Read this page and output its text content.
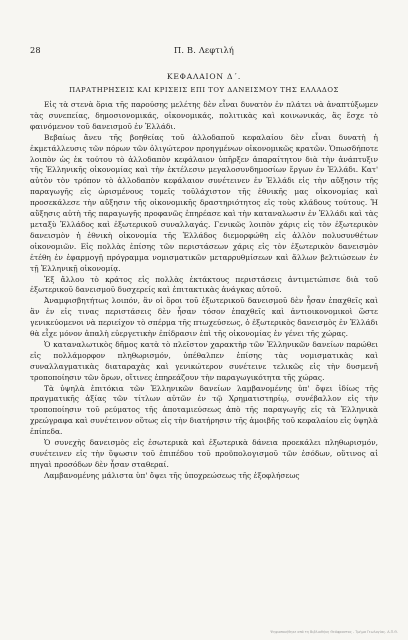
28	Π. Β. Λεφτιλή
ΚΕΦΑΛΑΙΟΝ Δ΄.
ΠΑΡΑΤΗΡΗΣΕΙΣ ΚΑΙ ΚΡΙΣΕΙΣ ΕΠΙ ΤΟΥ ΔΑΝΕΙΣΜΟΥ ΤΗΣ ΕΛΛΑΔΟΣ

Εἰς τὰ στενὰ ὅρια τῆς παρούσης μελέτης δὲν εἶναι δυνατὸν ἐν πλάτει νὰ ἀναπτύξωμεν τὰς συνεπείας, δημοσιονομικάς, οἰκονομικάς, πολιτικὰς καὶ κοινωνικάς, ἃς ἔσχε τὸ φαινόμενον τοῦ δανεισμοῦ ἐν Ἑλλάδι.

Βεβαίως ἄνευ τῆς βοηθείας τοῦ ἀλλοδαποῦ κεφαλαίου δὲν εἶναι δυνατὴ ἡ ἐκμετάλλευσις τῶν πόρων τῶν ὀλιγώτερον προηγμένων οἰκονομικῶς κρατῶν. Ὁπωσδήποτε λοιπὸν ὡς ἐκ τούτου τὸ ἀλλοδαπὸν κεφάλαιον ὑπῆρξεν ἀπαραίτητον διὰ τὴν ἀνάπτυξιν τῆς Ἑλληνικῆς οἰκονομίας καὶ τὴν ἐκτέλεσιν μεγαλοσυνδημοσίων ἔργων ἐν Ἑλλάδι. Κατ' αὐτὸν τὸν τρόπον τὸ ἀλλοδαπὸν κεφάλαιον συνέτεινεν ἐν Ἑλλάδι εἰς τὴν αὔξησιν τῆς παραγωγῆς εἰς ὡρισμένους τομεῖς τοῦλάχιστον τῆς ἐθνικῆς μας οἰκονομίας καὶ προσεκάλεσε τὴν αὔξησιν τῆς οἰκονομικῆς δραστηριότητος εἰς τοὺς κλάδους τούτους. Ἡ αὔξησις αὐτὴ τῆς παραγωγῆς προφανῶς ἐπηρέασε καὶ τὴν καταναλωσιν ἐν Ἑλλάδι καὶ τὰς μεταξὺ Ἑλλάδος καὶ ἐξωτερικοῦ συναλλαγάς. Γενικῶς λοιπὸν χάρις εἰς τὸν ἐξωτερικὸν δανεισμὸν ἡ ἐθνικὴ οἰκονομία τῆς Ἑλλάδος διεμορφώθη εἰς ἀλλὸν πολυσυνθέτων οἰκονομιῶν. Εἰς πολλὰς ἐπίσης τῶν περιστάσεων χάρις εἰς τὸν ἐξωτερικὸν δανεισμὸν ἐτέθη ἐν ἐφαρμογῇ πρόγραμμα νομισματικῶν μεταρρυθμίσεων καὶ ἄλλων βελτιώσεων ἐν τῇ Ἑλληνικῇ οἰκονομίᾳ.

Ἐξ ἄλλου τὸ κράτος εἰς πολλὰς ἐκτάκτους περιστάσεις ἀντιμετώπισε διὰ τοῦ ἐξωτερικοῦ δανεισμοῦ δυσχερείς καὶ ἐπιτακτικὰς ἀνάγκας αὐτοῦ.

Ἀναμφισβητήτως λοιπόν, ἂν οἱ ὅροι τοῦ ἐξωτερικοῦ δανεισμοῦ δὲν ἦσαν ἐπαχθεῖς καὶ ἂν ἐν εἰς τινας περιστάσεις δὲν ἦσαν τόσον ἐπαχθεῖς καὶ ἀντιοικονομικοὶ ὥστε γενικεύομενοι νὰ περιείχον τὸ σπέρμα τῆς πτωχεύσεως, ὁ ἐξωτερικὸς δανεισμὸς ἐν Ἑλλάδι θὰ εἶχε μόνον ἀπαλὴ εὐεργετικὴν ἐπίδρασιν ἐπὶ τῆς οἰκονομίας ἐν γένει τῆς χώρας.

Ὁ καταναλωτικὸς δῆμος κατὰ τὸ πλεῖστον χαρακτὴρ τῶν Ἑλληνικῶν δανείων παρώθει εἰς πολλάμορφον πληθωρισμόν, ὑπέθαλπεν ἐπίσης τὰς νομισματικὰς καὶ συναλλαγματικὰς διαταραχὰς καὶ γενικώτερον συνέτεινε τελικῶς εἰς τὴν δυσμενῆ τροποποίησιν τῶν ὅρων, οἵτινες ἐπηρεάζουν τὴν παραγωγικότητα τῆς χώρας.

Τὰ ὑψηλὰ ἐπιτόκια τῶν Ἑλληνικῶν δανείων λαμβανομένης ὑπ' ὄψει ἰδίως τῆς πραγματικῆς ἀξίας τῶν τίτλων αὐτῶν ἐν τῷ Χρηματιστηρίῳ, συνέβαλλον εἰς τὴν τροποποίησιν τοῦ ρεύματος τῆς ἀποταμιεύσεως ἀπὸ τῆς παραγωγῆς εἰς τὰ Ἑλληνικὰ χρεώγραφα καὶ συνέτεινον οὕτως εἰς τὴν διατήρησιν τῆς ἀμοιβῆς τοῦ κεφαλαίου εἰς ὑψηλὰ ἐπίπεδα.

Ὁ συνεχὴς δανεισμὸς εἰς ἐσωτερικὰ καὶ ἐξωτερικὰ δάνεια προεκάλει πληθωρισμόν, συνέτεινεν εἰς τὴν ὕψωσιν τοῦ ἐπιπέδου τοῦ προϋπολογισμοῦ τῶν ἐσόδων, οὕτινος αἱ πηγαὶ προσόδων δὲν ἦσαν σταθεραί.

Λαμβανομένης μάλιστα ὑπ' ὄψει τῆς ὑποχρεώσεως τῆς ἐξοφλήσεως

Ψηφιοποιήθηκε από τη Βιβλιοθήκη Θεόφραστος - Τμήμα Γεωλογίας. Α.Π.Θ.
